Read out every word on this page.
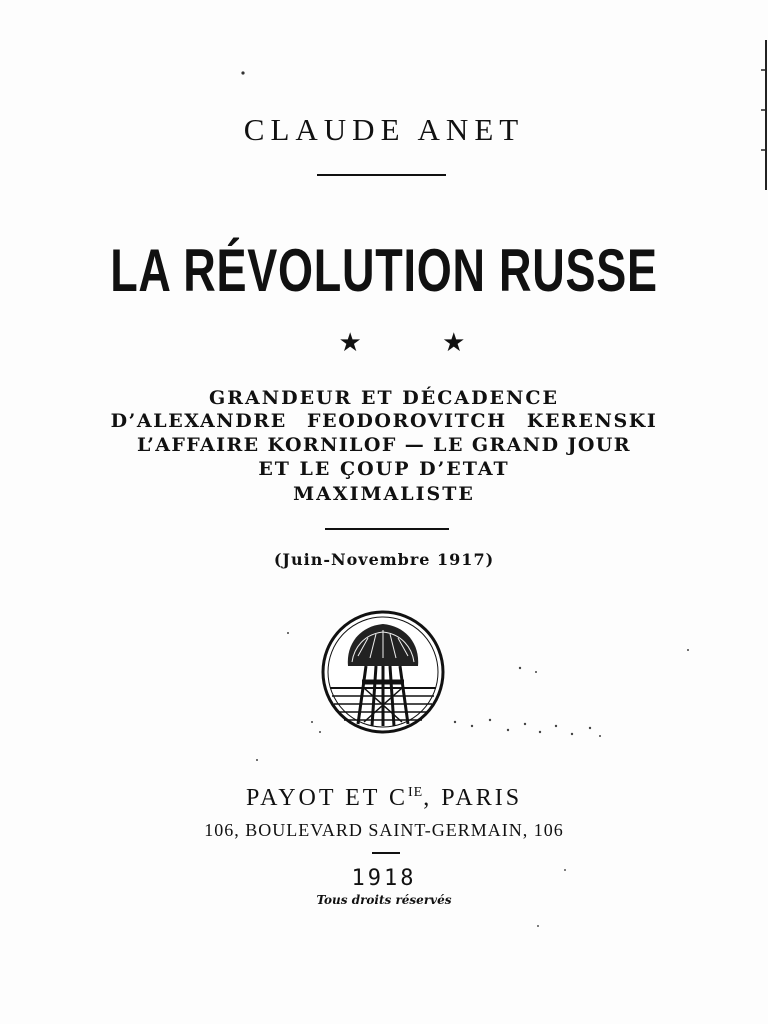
CLAUDE ANET
LA RÉVOLUTION RUSSE
★ ★
GRANDEUR ET DÉCADENCE
D’ALEXANDRE FEODOROVITCH KERENSKI
L’AFFAIRE KORNILOF — LE GRAND JOUR
ET LE ÇOUP D’ETAT
MAXIMALISTE
(Juin-Novembre 1917)
PAYOT ET $C^{IE}$, PARIS
106, BOULEVARD SAINT-GERMAIN, 106
1918
Tous droits réservés
